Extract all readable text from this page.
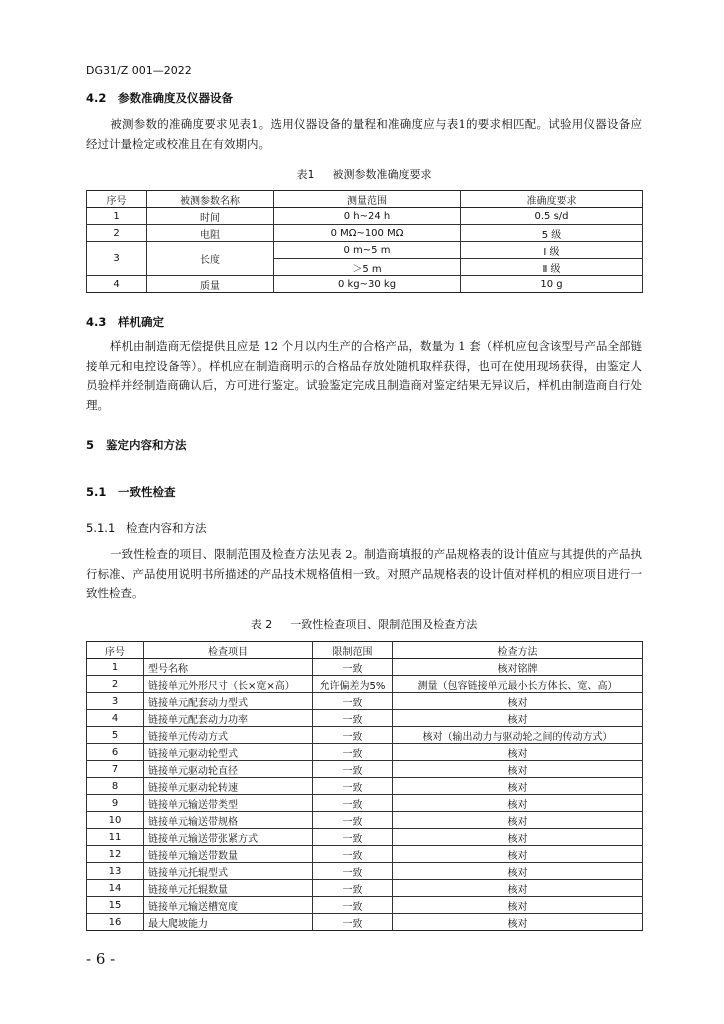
DG31/Z 001—2022
4.2 参数准确度及仪器设备
被测参数的准确度要求见表1。选用仪器设备的量程和准确度应与表1的要求相匹配。试验用仪器设备应经过计量检定或校准且在有效期内。
表1 被测参数准确度要求
序号	被测参数名称	测量范围	准确度要求
1	时间	0 h~24 h	0.5 s/d
2	电阻	0 MΩ~100 MΩ	5 级
3	长度	0 m~5 m	Ⅰ 级
		＞5 m	Ⅱ 级
4	质量	0 kg~30 kg	10 g
4.3 样机确定
样机由制造商无偿提供且应是 12 个月以内生产的合格产品，数量为 1 套（样机应包含该型号产品全部链接单元和电控设备等）。样机应在制造商明示的合格品存放处随机取样获得，也可在使用现场获得，由鉴定人员验样并经制造商确认后，方可进行鉴定。试验鉴定完成且制造商对鉴定结果无异议后，样机由制造商自行处理。
5 鉴定内容和方法
5.1 一致性检查
5.1.1 检查内容和方法
一致性检查的项目、限制范围及检查方法见表 2。制造商填报的产品规格表的设计值应与其提供的产品执行标准、产品使用说明书所描述的产品技术规格值相一致。对照产品规格表的设计值对样机的相应项目进行一致性检查。
表 2 一致性检查项目、限制范围及检查方法
序号	检查项目	限制范围	检查方法
1	型号名称	一致	核对铭牌
2	链接单元外形尺寸（长×宽×高）	允许偏差为5%	测量（包容链接单元最小长方体长、宽、高）
3	链接单元配套动力型式	一致	核对
4	链接单元配套动力功率	一致	核对
5	链接单元传动方式	一致	核对（输出动力与驱动轮之间的传动方式）
6	链接单元驱动轮型式	一致	核对
7	链接单元驱动轮直径	一致	核对
8	链接单元驱动轮转速	一致	核对
9	链接单元输送带类型	一致	核对
10	链接单元输送带规格	一致	核对
11	链接单元输送带张紧方式	一致	核对
12	链接单元输送带数量	一致	核对
13	链接单元托辊型式	一致	核对
14	链接单元托辊数量	一致	核对
15	链接单元输送槽宽度	一致	核对
16	最大爬坡能力	一致	核对
- 6 -
